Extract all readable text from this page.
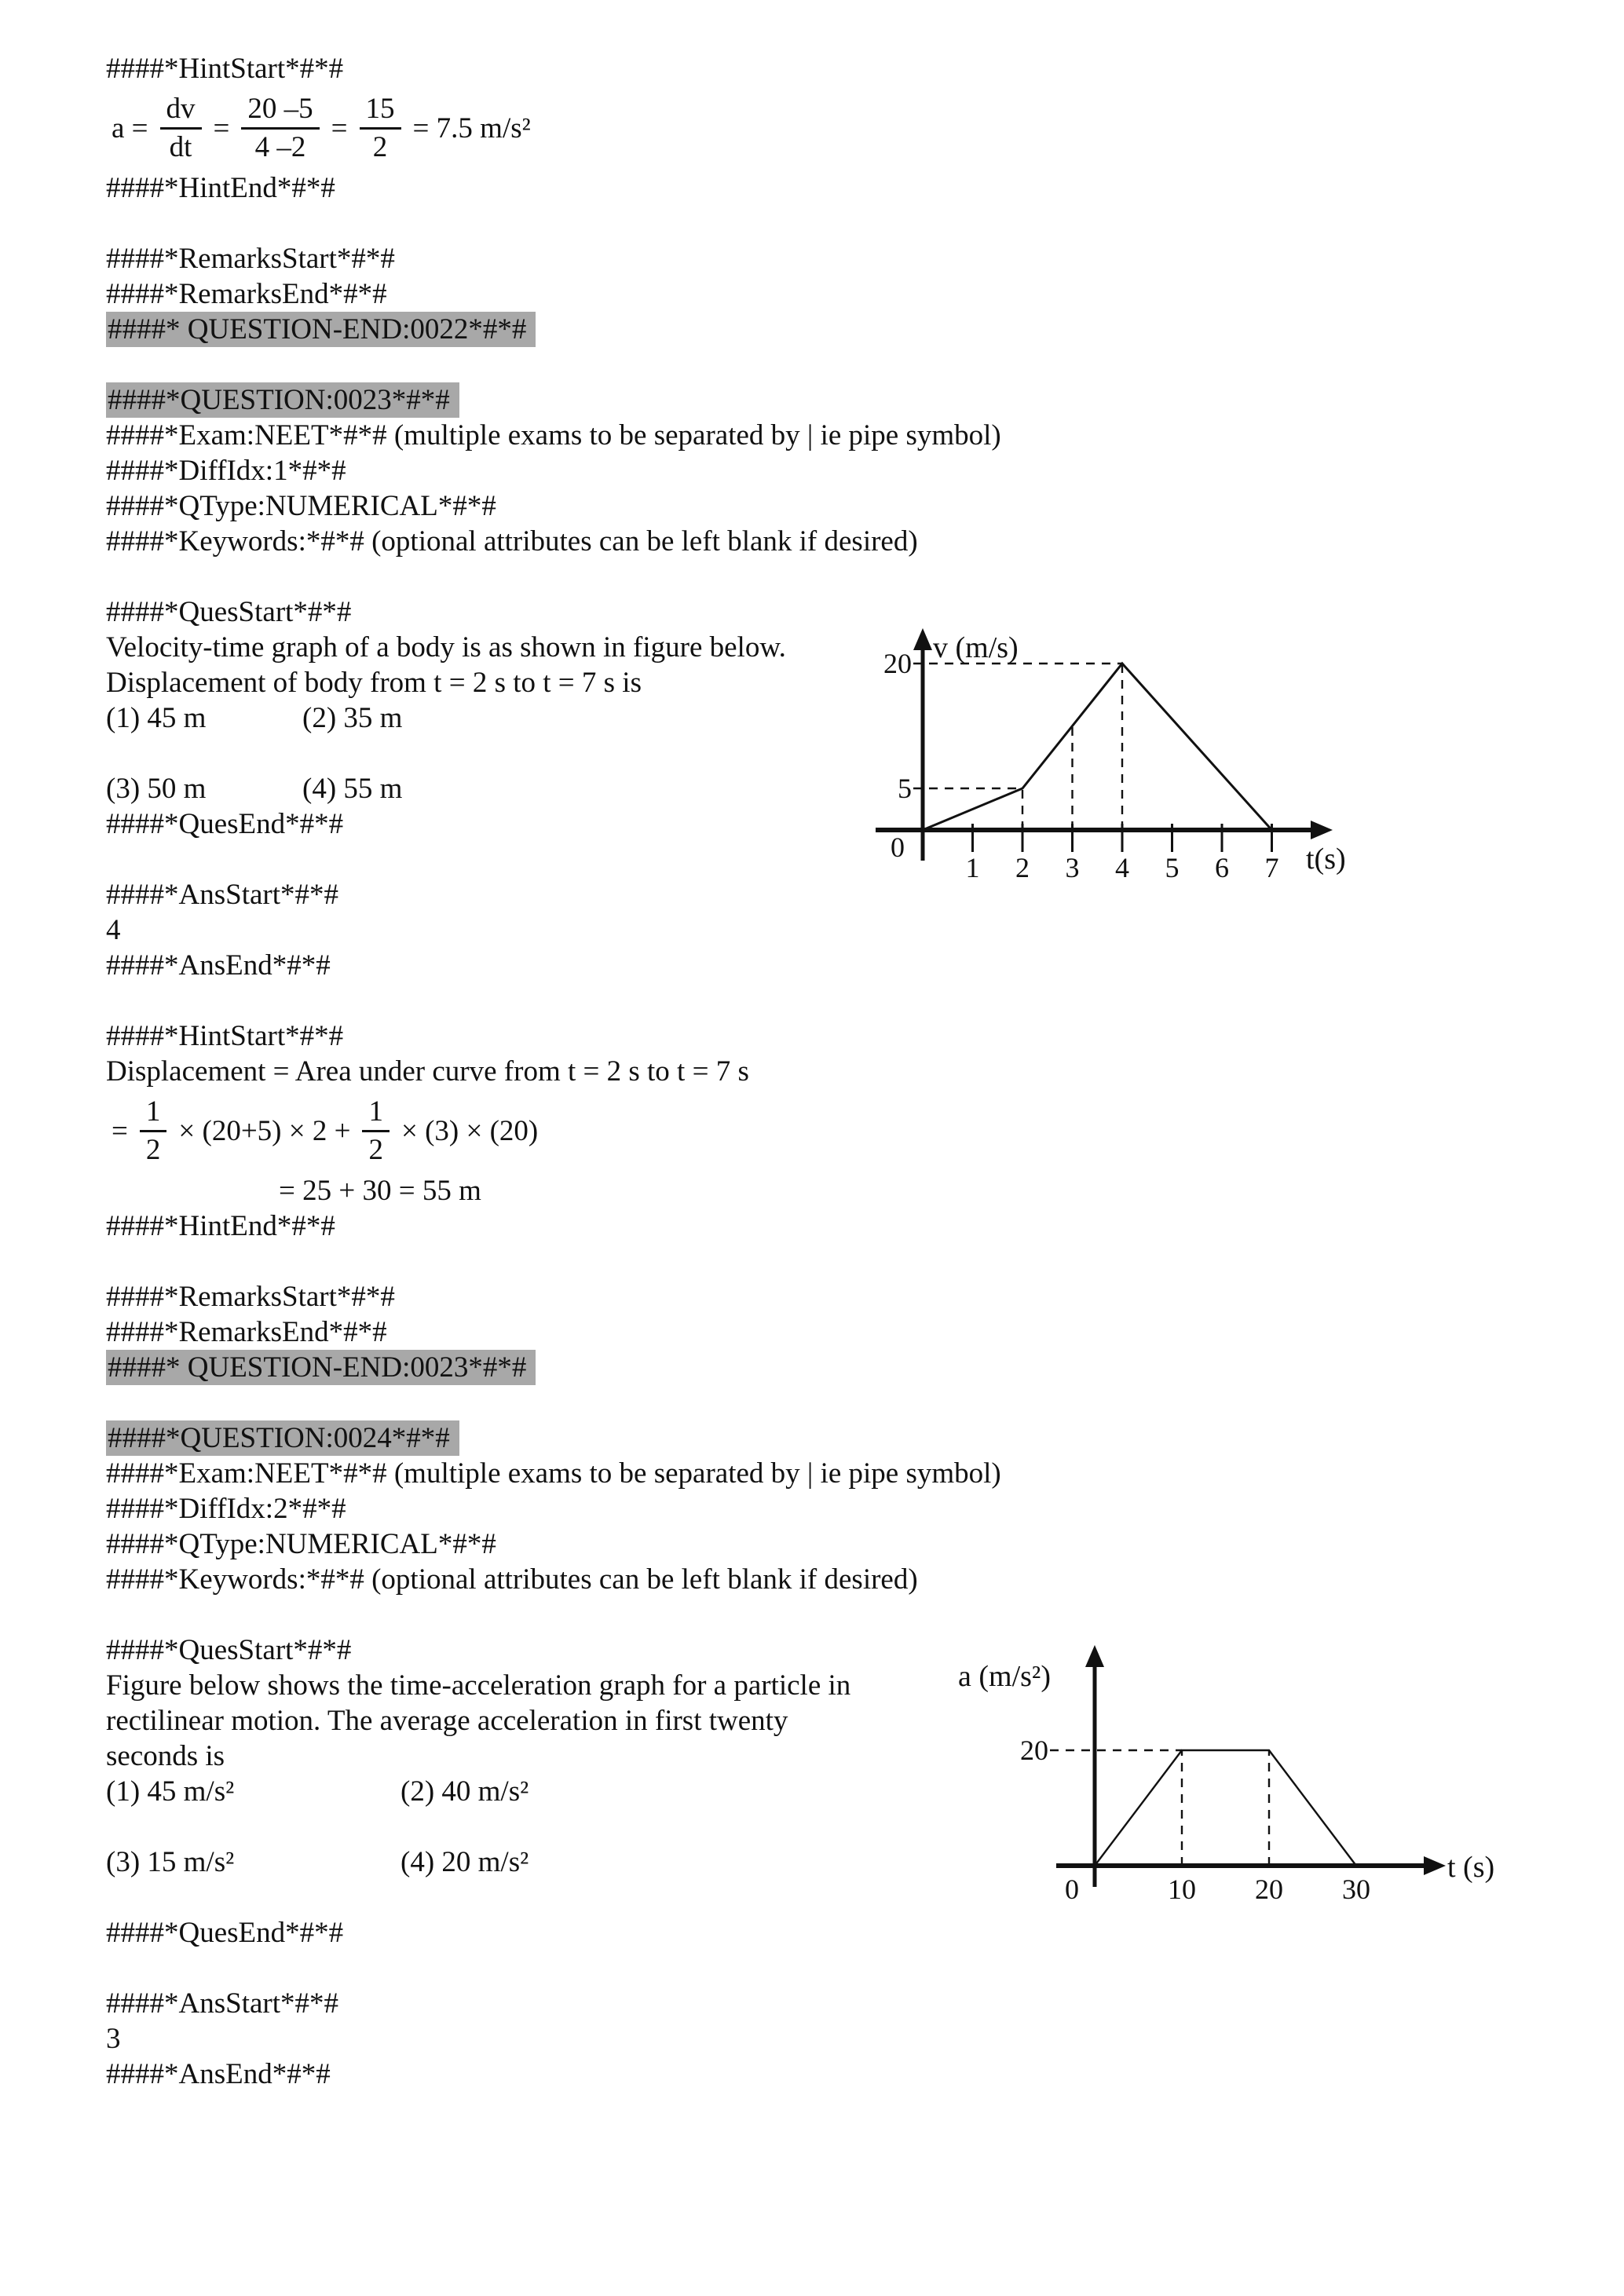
####*HintStart*#*#
$a = \frac{dv}{dt} = \frac{20 -5}{4 -2} = \frac{15}{2} = 7.5$ m/s²
####*HintEnd*#*#
####*RemarksStart*#*#
####*RemarksEnd*#*#
####* QUESTION-END:0022*#*#
####*QUESTION:0023*#*#
####*Exam:NEET*#*# (multiple exams to be separated by | ie pipe symbol)
####*DiffIdx:1*#*#
####*QType:NUMERICAL*#*#
####*Keywords:*#*# (optional attributes can be left blank if desired)
####*QuesStart*#*#
Velocity-time graph of a body is as shown in figure below.
Displacement of body from t = 2 s to t = 7 s is
(1) 45 m	(2) 35 m
(3) 50 m	(4) 55 m
####*QuesEnd*#*#
####*AnsStart*#*#
4
####*AnsEnd*#*#
####*HintStart*#*#
Displacement = Area under curve from t = 2 s to t = 7 s
= $\frac{1}{2} \times (20+5) \times 2 + \frac{1}{2} \times (3) \times (20)$
= 25 + 30 = 55 m
####*HintEnd*#*#
####*RemarksStart*#*#
####*RemarksEnd*#*#
####* QUESTION-END:0023*#*#
####*QUESTION:0024*#*#
####*Exam:NEET*#*# (multiple exams to be separated by | ie pipe symbol)
####*DiffIdx:2*#*#
####*QType:NUMERICAL*#*#
####*Keywords:*#*# (optional attributes can be left blank if desired)
####*QuesStart*#*#
Figure below shows the time-acceleration graph for a particle in
rectilinear motion. The average acceleration in first twenty
seconds is
(1) 45 m/s²	(2) 40 m/s²
(3) 15 m/s²	(4) 20 m/s²
####*QuesEnd*#*#
####*AnsStart*#*#
3
####*AnsEnd*#*#
1 2 3 4 5 6 7
5
20 v (m/s)
t(s)
0
10 20 30
20
a (m/s²)
t (s)
0
